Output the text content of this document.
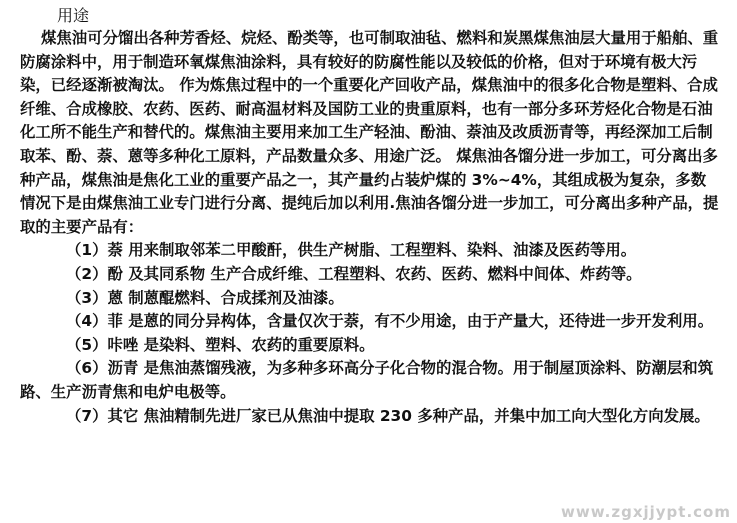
用途

煤焦油可分馏出各种芳香烃、烷烃、酚类等，也可制取油毡、燃料和炭黑煤焦油层大量用于船舶、重防腐涂料中，用于制造环氧煤焦油涂料，具有较好的防腐性能以及较低的价格，但对于环境有极大污染，已经逐渐被淘汰。 作为炼焦过程中的一个重要化产回收产品，煤焦油中的很多化合物是塑料、合成纤维、合成橡胶、农药、医药、耐高温材料及国防工业的贵重原料，也有一部分多环芳烃化合物是石油化工所不能生产和替代的。煤焦油主要用来加工生产轻油、酚油、萘油及改质沥青等，再经深加工后制取苯、酚、萘、蒽等多种化工原料，产品数量众多、用途广泛。 煤焦油各馏分进一步加工，可分离出多种产品，煤焦油是焦化工业的重要产品之一，其产量约占装炉煤的 3%~4%，其组成极为复杂，多数情况下是由煤焦油工业专门进行分离、提纯后加以利用.焦油各馏分进一步加工，可分离出多种产品，提取的主要产品有：

（1）萘 用来制取邻苯二甲酸酐，供生产树脂、工程塑料、染料、油漆及医药等用。

（2）酚 及其同系物 生产合成纤维、工程塑料、农药、医药、燃料中间体、炸药等。

（3）蒽 制蒽醌燃料、合成揉剂及油漆。

（4）菲 是蒽的同分异构体，含量仅次于萘，有不少用途，由于产量大，还待进一步开发利用。

（5）咔唑 是染料、塑料、农药的重要原料。

（6）沥青 是焦油蒸馏残液，为多种多环高分子化合物的混合物。用于制屋顶涂料、防潮层和筑路、生产沥青焦和电炉电极等。

（7）其它 焦油精制先进厂家已从焦油中提取 230 多种产品，并集中加工向大型化方向发展。

www.zgxjjypt.com
